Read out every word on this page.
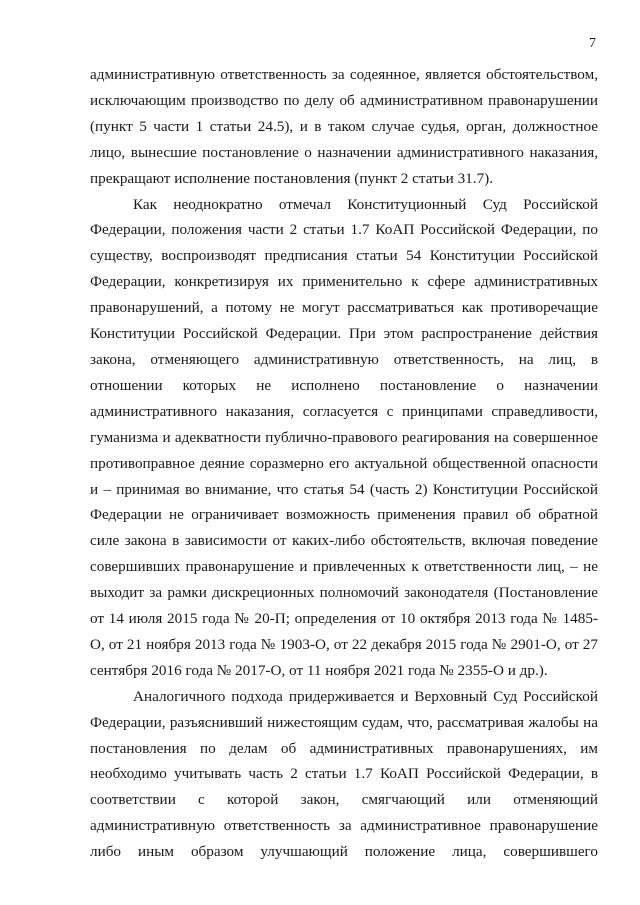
7

административную ответственность за содеянное, является обстоятельством,
исключающим производство по делу об административном правонарушении
(пункт 5 части 1 статьи 24.5), и в таком случае судья, орган, должностное
лицо, вынесшие постановление о назначении административного наказания,
прекращают исполнение постановления (пункт 2 статьи 31.7).

Как неоднократно отмечал Конституционный Суд Российской
Федерации, положения части 2 статьи 1.7 КоАП Российской Федерации, по
существу, воспроизводят предписания статьи 54 Конституции Российской
Федерации, конкретизируя их применительно к сфере административных
правонарушений, а потому не могут рассматриваться как противоречащие
Конституции Российской Федерации. При этом распространение действия
закона, отменяющего административную ответственность, на лиц, в
отношении которых не исполнено постановление о назначении
административного наказания, согласуется с принципами справедливости,
гуманизма и адекватности публично-правового реагирования на совершенное
противоправное деяние соразмерно его актуальной общественной опасности
и – принимая во внимание, что статья 54 (часть 2) Конституции Российской
Федерации не ограничивает возможность применения правил об обратной
силе закона в зависимости от каких-либо обстоятельств, включая поведение
совершивших правонарушение и привлеченных к ответственности лиц, – не
выходит за рамки дискреционных полномочий законодателя (Постановление
от 14 июля 2015 года № 20-П; определения от 10 октября 2013 года № 1485-
О, от 21 ноября 2013 года № 1903-О, от 22 декабря 2015 года № 2901-О, от 27
сентября 2016 года № 2017-О, от 11 ноября 2021 года № 2355-О и др.).

Аналогичного подхода придерживается и Верховный Суд Российской
Федерации, разъяснивший нижестоящим судам, что, рассматривая жалобы на
постановления по делам об административных правонарушениях, им
необходимо учитывать часть 2 статьи 1.7 КоАП Российской Федерации, в
соответствии с которой закон, смягчающий или отменяющий
административную ответственность за административное правонарушение
либо иным образом улучшающий положение лица, совершившего
